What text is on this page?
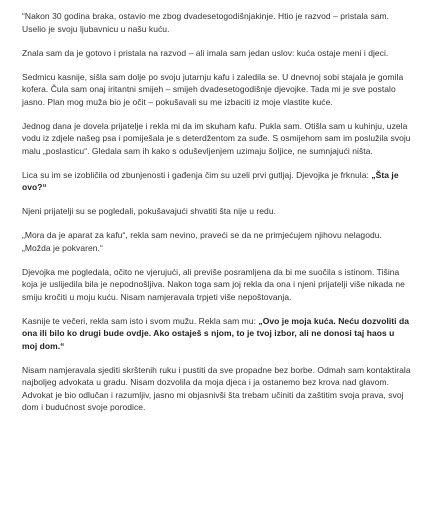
“Nakon 30 godina braka, ostavio me zbog dvadesetogodišnjakinje. Htio je razvod – pristala sam. Uselio je svoju ljubavnicu u našu kuću.

Znala sam da je gotovo i pristala na razvod – ali imala sam jedan uslov: kuća ostaje meni i djeci.

Sedmicu kasnije, sišla sam dolje po svoju jutarnju kafu i zaledila se. U dnevnoj sobi stajala je gomila kofera. Čula sam onaj iritantni smijeh – smijeh dvadesetogodišnje djevojke. Tada mi je sve postalo jasno. Plan mog muža bio je očit – pokušavali su me izbaciti iz moje vlastite kuće.

Jednog dana je dovela prijatelje i rekla mi da im skuham kafu. Pukla sam. Otišla sam u kuhinju, uzela vodu iz zdjele našeg psa i pomiješala je s deterdžentom za suđe. S osmijehom sam im poslužila svoju malu „poslasticu“. Gledala sam ih kako s oduševljenjem uzimaju šoljice, ne sumnjajući ništa.

Lica su im se izobličila od zbunjenosti i gađenja čim su uzeli prvi gutljaj. Djevojka je frknula: „Šta je ovo?“

Njeni prijatelji su se pogledali, pokušavajući shvatiti šta nije u redu.

„Mora da je aparat za kafu“, rekla sam nevino, praveći se da ne primjećujem njihovu nelagodu. „Možda je pokvaren.“

Djevojka me pogledala, očito ne vjerujući, ali previše posramljena da bi me suočila s istinom. Tišina koja je uslijedila bila je nepodnošljiva. Nakon toga sam joj rekla da ona i njeni prijatelji više nikada ne smiju kročiti u moju kuću. Nisam namjeravala trpjeti više nepoštovanja.

Kasnije te večeri, rekla sam isto i svom mužu. Rekla sam mu: „Ovo je moja kuća. Neću dozvoliti da ona ili bilo ko drugi bude ovdje. Ako ostaješ s njom, to je tvoj izbor, ali ne donosi taj haos u moj dom.“

Nisam namjeravala sjediti skrštenih ruku i pustiti da sve propadne bez borbe. Odmah sam kontaktirala najboljeg advokata u gradu. Nisam dozvolila da moja djeca i ja ostanemo bez krova nad glavom. Advokat je bio odlučan i razumljiv, jasno mi objasnivši šta trebam učiniti da zaštitim svoja prava, svoj dom i budućnost svoje porodice.
